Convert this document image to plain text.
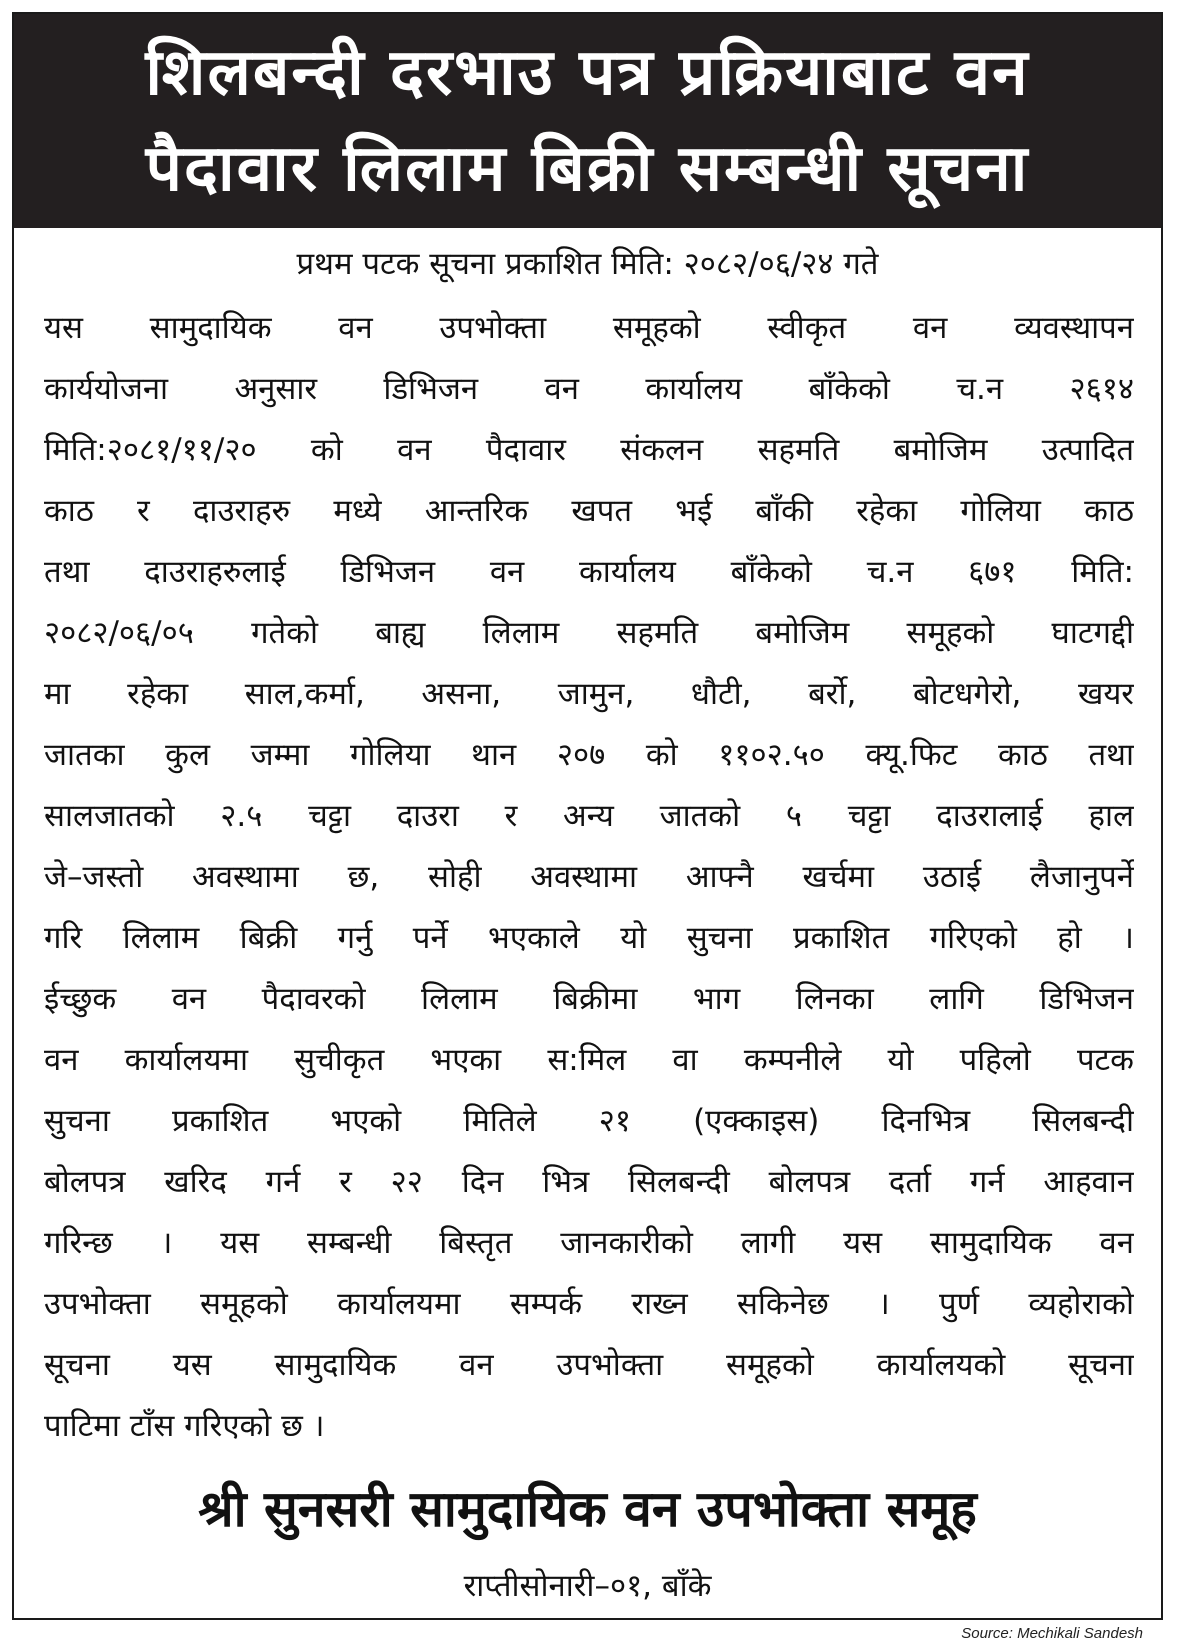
शिलबन्दी दरभाउ पत्र प्रक्रियाबाट वन
पैदावार लिलाम बिक्री सम्बन्धी सूचना
प्रथम पटक सूचना प्रकाशित मिति: २०८२/०६/२४ गते
यस सामुदायिक वन उपभोक्ता समूहको स्वीकृत वन व्यवस्थापन
कार्ययोजना अनुसार डिभिजन वन कार्यालय बाँकेको च.न २६१४
मिति:२०८१/११/२० को वन पैदावार संकलन सहमति बमोजिम उत्पादित
काठ र दाउराहरु मध्ये आन्तरिक खपत भई बाँकी रहेका गोलिया काठ
तथा दाउराहरुलाई डिभिजन वन कार्यालय बाँकेको च.न ६७१ मिति:
२०८२/०६/०५ गतेको बाह्य लिलाम सहमति बमोजिम समूहको घाटगद्दी
मा रहेका साल,कर्मा, असना, जामुन, धौटी, बर्रो, बोटधगेरो, खयर
जातका कुल जम्मा गोलिया थान २०७ को ११०२.५० क्यू.फिट काठ तथा
सालजातको २.५ चट्टा दाउरा र अन्य जातको ५ चट्टा दाउरालाई हाल
जे–जस्तो अवस्थामा छ, सोही अवस्थामा आफ्नै खर्चमा उठाई लैजानुपर्ने
गरि लिलाम बिक्री गर्नु पर्ने भएकाले यो सुचना प्रकाशित गरिएको हो ।
ईच्छुक वन पैदावरको लिलाम बिक्रीमा भाग लिनका लागि डिभिजन
वन कार्यालयमा सुचीकृत भएका स:मिल वा कम्पनीले यो पहिलो पटक
सुचना प्रकाशित भएको मितिले २१ (एक्काइस) दिनभित्र सिलबन्दी
बोलपत्र खरिद गर्न र २२ दिन भित्र सिलबन्दी बोलपत्र दर्ता गर्न आहवान
गरिन्छ । यस सम्बन्धी बिस्तृत जानकारीको लागी यस सामुदायिक वन
उपभोक्ता समूहको कार्यालयमा सम्पर्क राख्न सकिनेछ । पुर्ण व्यहोराको
सूचना यस सामुदायिक वन उपभोक्ता समूहको कार्यालयको सूचना
पाटिमा टाँस गरिएको छ ।
श्री सुनसरी सामुदायिक वन उपभोक्ता समूह
राप्तीसोनारी–०१, बाँके
Source: Mechikali Sandesh
